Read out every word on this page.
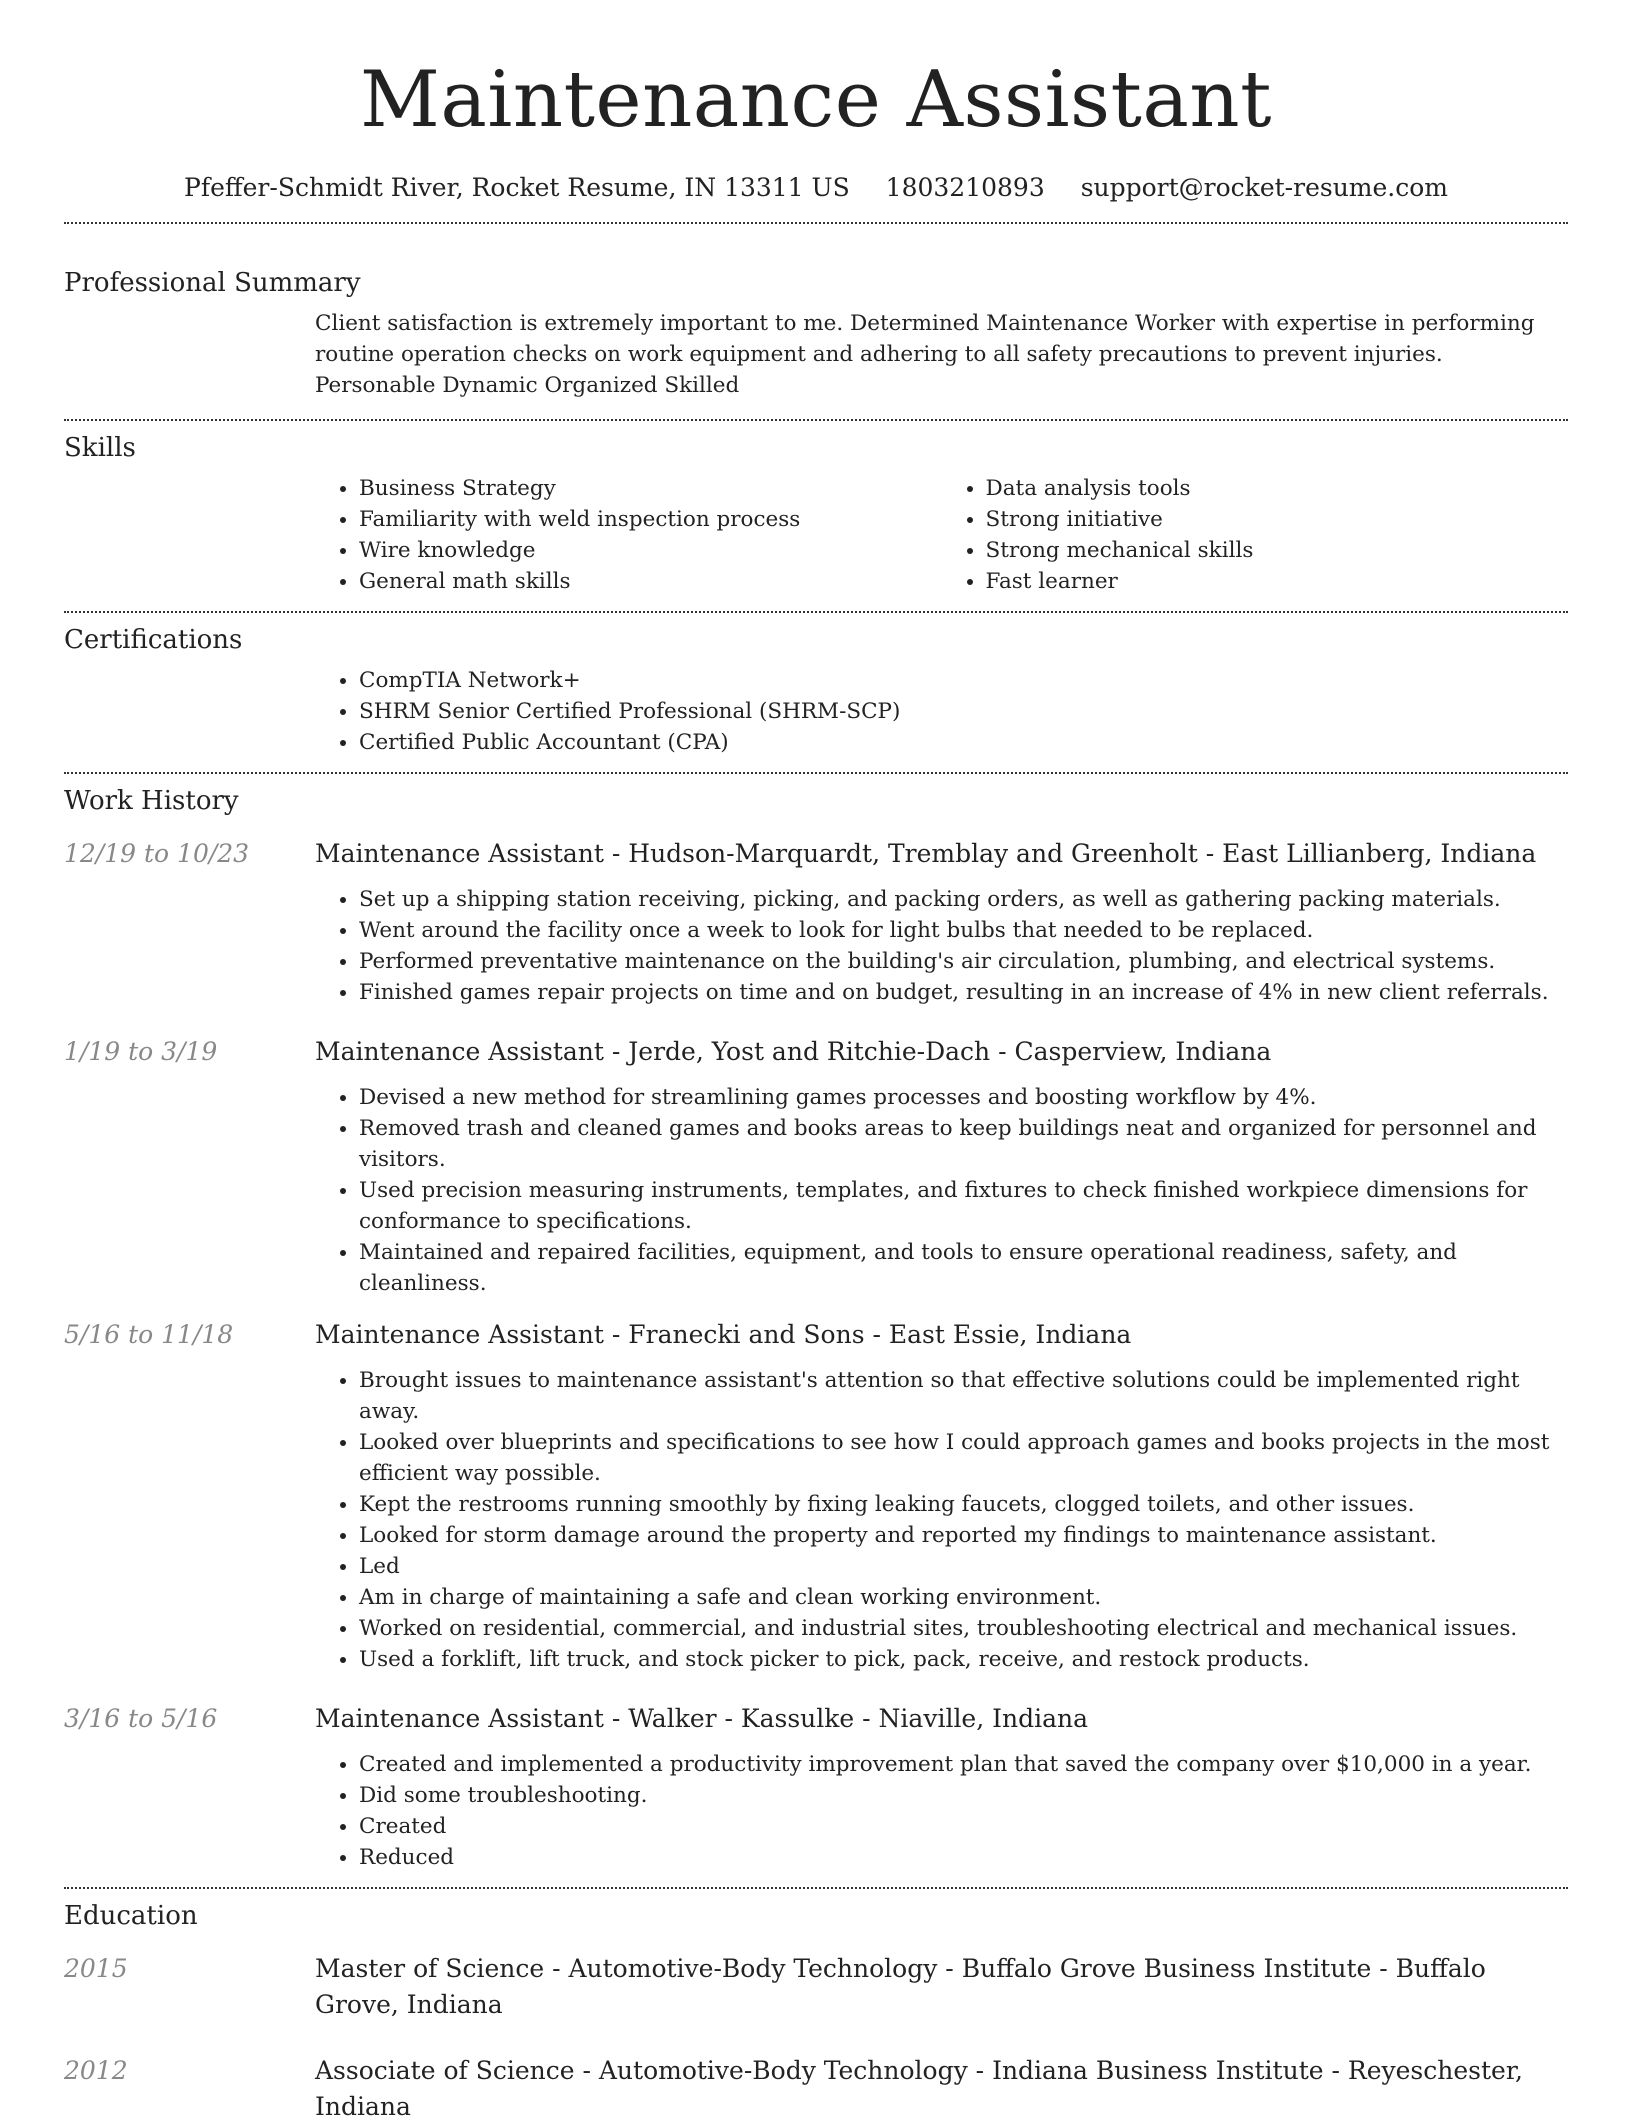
Maintenance Assistant
Pfeffer-Schmidt River, Rocket Resume, IN 13311 US 1803210893 support@rocket-resume.com
Professional Summary
Client satisfaction is extremely important to me. Determined Maintenance Worker with expertise in performing routine operation checks on work equipment and adhering to all safety precautions to prevent injuries. Personable Dynamic Organized Skilled
Skills
• Business Strategy
• Familiarity with weld inspection process
• Wire knowledge
• General math skills
• Data analysis tools
• Strong initiative
• Strong mechanical skills
• Fast learner
Certifications
• CompTIA Network+
• SHRM Senior Certified Professional (SHRM-SCP)
• Certified Public Accountant (CPA)
Work History
12/19 to 10/23	Maintenance Assistant - Hudson-Marquardt, Tremblay and Greenholt - East Lillianberg, Indiana
• Set up a shipping station receiving, picking, and packing orders, as well as gathering packing materials.
• Went around the facility once a week to look for light bulbs that needed to be replaced.
• Performed preventative maintenance on the building's air circulation, plumbing, and electrical systems.
• Finished games repair projects on time and on budget, resulting in an increase of 4% in new client referrals.
1/19 to 3/19	Maintenance Assistant - Jerde, Yost and Ritchie-Dach - Casperview, Indiana
• Devised a new method for streamlining games processes and boosting workflow by 4%.
• Removed trash and cleaned games and books areas to keep buildings neat and organized for personnel and visitors.
• Used precision measuring instruments, templates, and fixtures to check finished workpiece dimensions for conformance to specifications.
• Maintained and repaired facilities, equipment, and tools to ensure operational readiness, safety, and cleanliness.
5/16 to 11/18	Maintenance Assistant - Franecki and Sons - East Essie, Indiana
• Brought issues to maintenance assistant's attention so that effective solutions could be implemented right away.
• Looked over blueprints and specifications to see how I could approach games and books projects in the most efficient way possible.
• Kept the restrooms running smoothly by fixing leaking faucets, clogged toilets, and other issues.
• Looked for storm damage around the property and reported my findings to maintenance assistant.
• Led
• Am in charge of maintaining a safe and clean working environment.
• Worked on residential, commercial, and industrial sites, troubleshooting electrical and mechanical issues.
• Used a forklift, lift truck, and stock picker to pick, pack, receive, and restock products.
3/16 to 5/16	Maintenance Assistant - Walker - Kassulke - Niaville, Indiana
• Created and implemented a productivity improvement plan that saved the company over $10,000 in a year.
• Did some troubleshooting.
• Created
• Reduced
Education
2015	Master of Science - Automotive-Body Technology - Buffalo Grove Business Institute - Buffalo Grove, Indiana
2012	Associate of Science - Automotive-Body Technology - Indiana Business Institute - Reyeschester, Indiana
